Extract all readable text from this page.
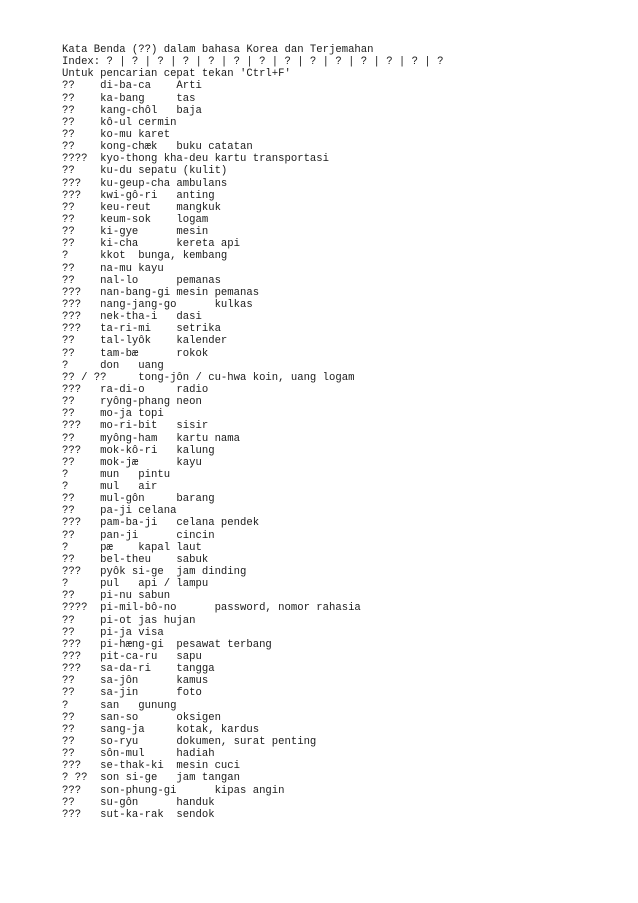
Kata Benda (??) dalam bahasa Korea dan Terjemahan
Index: ? | ? | ? | ? | ? | ? | ? | ? | ? | ? | ? | ? | ? | ?
Untuk pencarian cepat tekan 'Ctrl+F'
??    di-ba-ca    Arti
??    ka-bang     tas
??    kang-chôl   baja
??    kô-ul cermin
??    ko-mu karet
??    kong-chæk   buku catatan
????  kyo-thong kha-deu kartu transportasi
??    ku-du sepatu (kulit)
???   ku-geup-cha ambulans
???   kwi-gô-ri   anting
??    keu-reut    mangkuk
??    keum-sok    logam
??    ki-gye      mesin
??    ki-cha      kereta api
?     kkot  bunga, kembang
??    na-mu kayu
??    nal-lo      pemanas
???   nan-bang-gi mesin pemanas
???   nang-jang-go      kulkas
???   nek-tha-i   dasi
???   ta-ri-mi    setrika
??    tal-lyôk    kalender
??    tam-bæ      rokok
?     don   uang
?? / ??     tong-jôn / cu-hwa koin, uang logam
???   ra-di-o     radio
??    ryông-phang neon
??    mo-ja topi
???   mo-ri-bit   sisir
??    myông-ham   kartu nama
???   mok-kô-ri   kalung
??    mok-jæ      kayu
?     mun   pintu
?     mul   air
??    mul-gôn     barang
??    pa-ji celana
???   pam-ba-ji   celana pendek
??    pan-ji      cincin
?     pæ    kapal laut
??    bel-theu    sabuk
???   pyôk si-ge  jam dinding
?     pul   api / lampu
??    pi-nu sabun
????  pi-mil-bô-no      password, nomor rahasia
??    pi-ot jas hujan
??    pi-ja visa
???   pi-hæng-gi  pesawat terbang
???   pit-ca-ru   sapu
???   sa-da-ri    tangga
??    sa-jôn      kamus
??    sa-jin      foto
?     san   gunung
??    san-so      oksigen
??    sang-ja     kotak, kardus
??    so-ryu      dokumen, surat penting
??    sôn-mul     hadiah
???   se-thak-ki  mesin cuci
? ??  son si-ge   jam tangan
???   son-phung-gi      kipas angin
??    su-gôn      handuk
???   sut-ka-rak  sendok
